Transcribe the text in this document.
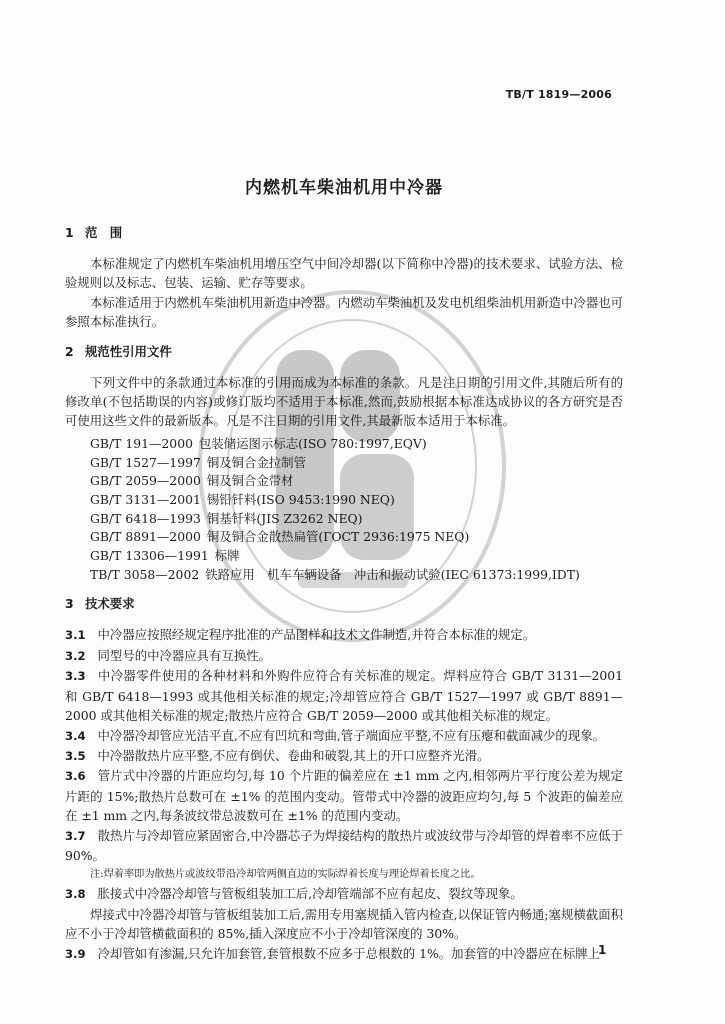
TB/T 1819—2006
内燃机车柴油机用中冷器
1 范　围

本标准规定了内燃机车柴油机用增压空气中间冷却器(以下简称中冷器)的技术要求、试验方法、检验规则以及标志、包装、运输、贮存等要求。

本标准适用于内燃机车柴油机用新造中冷器。内燃动车柴油机及发电机组柴油机用新造中冷器也可参照本标准执行。

2 规范性引用文件

下列文件中的条款通过本标准的引用而成为本标准的条款。凡是注日期的引用文件,其随后所有的修改单(不包括勘误的内容)或修订版均不适用于本标准,然而,鼓励根据本标准达成协议的各方研究是否可使用这些文件的最新版本。凡是不注日期的引用文件,其最新版本适用于本标准。

GB/T 191—2000 包装储运图示标志(ISO 780:1997,EQV)
GB/T 1527—1997 铜及铜合金拉制管
GB/T 2059—2000 铜及铜合金带材
GB/T 3131—2001 锡铅钎料(ISO 9453:1990 NEQ)
GB/T 6418—1993 铜基钎料(JIS Z3262 NEQ)
GB/T 8891—2000 铜及铜合金散热扁管(ГОСТ 2936:1975 NEQ)
GB/T 13306—1991 标牌
TB/T 3058—2002 铁路应用　机车车辆设备　冲击和振动试验(IEC 61373:1999,IDT)
3 技术要求

3.1 中冷器应按照经规定程序批准的产品图样和技术文件制造,并符合本标准的规定。

3.2 同型号的中冷器应具有互换性。

3.3 中冷器零件使用的各种材料和外购件应符合有关标准的规定。焊料应符合 GB/T 3131—2001 和 GB/T 6418—1993 或其他相关标准的规定;冷却管应符合 GB/T 1527—1997 或 GB/T 8891—2000 或其他相关标准的规定;散热片应符合 GB/T 2059—2000 或其他相关标准的规定。

3.4 中冷器冷却管应光洁平直,不应有凹坑和弯曲,管子端面应平整,不应有压瘪和截面减少的现象。

3.5 中冷器散热片应平整,不应有倒伏、卷曲和破裂,其上的开口应整齐光滑。

3.6 管片式中冷器的片距应均匀,每 10 个片距的偏差应在 ±1 mm 之内,相邻两片平行度公差为规定片距的 15%;散热片总数可在 ±1% 的范围内变动。管带式中冷器的波距应均匀,每 5 个波距的偏差应在 ±1 mm 之内,每条波纹带总波数可在 ±1% 的范围内变动。

3.7 散热片与冷却管应紧固密合,中冷器芯子为焊接结构的散热片或波纹带与冷却管的焊着率不应低于 90%。

注:焊着率即为散热片或波纹带沿冷却管两侧直边的实际焊着长度与理论焊着长度之比。

3.8 胀接式中冷器冷却管与管板组装加工后,冷却管端部不应有起皮、裂纹等现象。

焊接式中冷器冷却管与管板组装加工后,需用专用塞规插入管内检查,以保证管内畅通;塞规横截面积应不小于冷却管横截面积的 85%,插入深度应不小于冷却管深度的 30%。

3.9 冷却管如有渗漏,只允许加套管,套管根数不应多于总根数的 1%。加套管的中冷器应在标牌上

1
